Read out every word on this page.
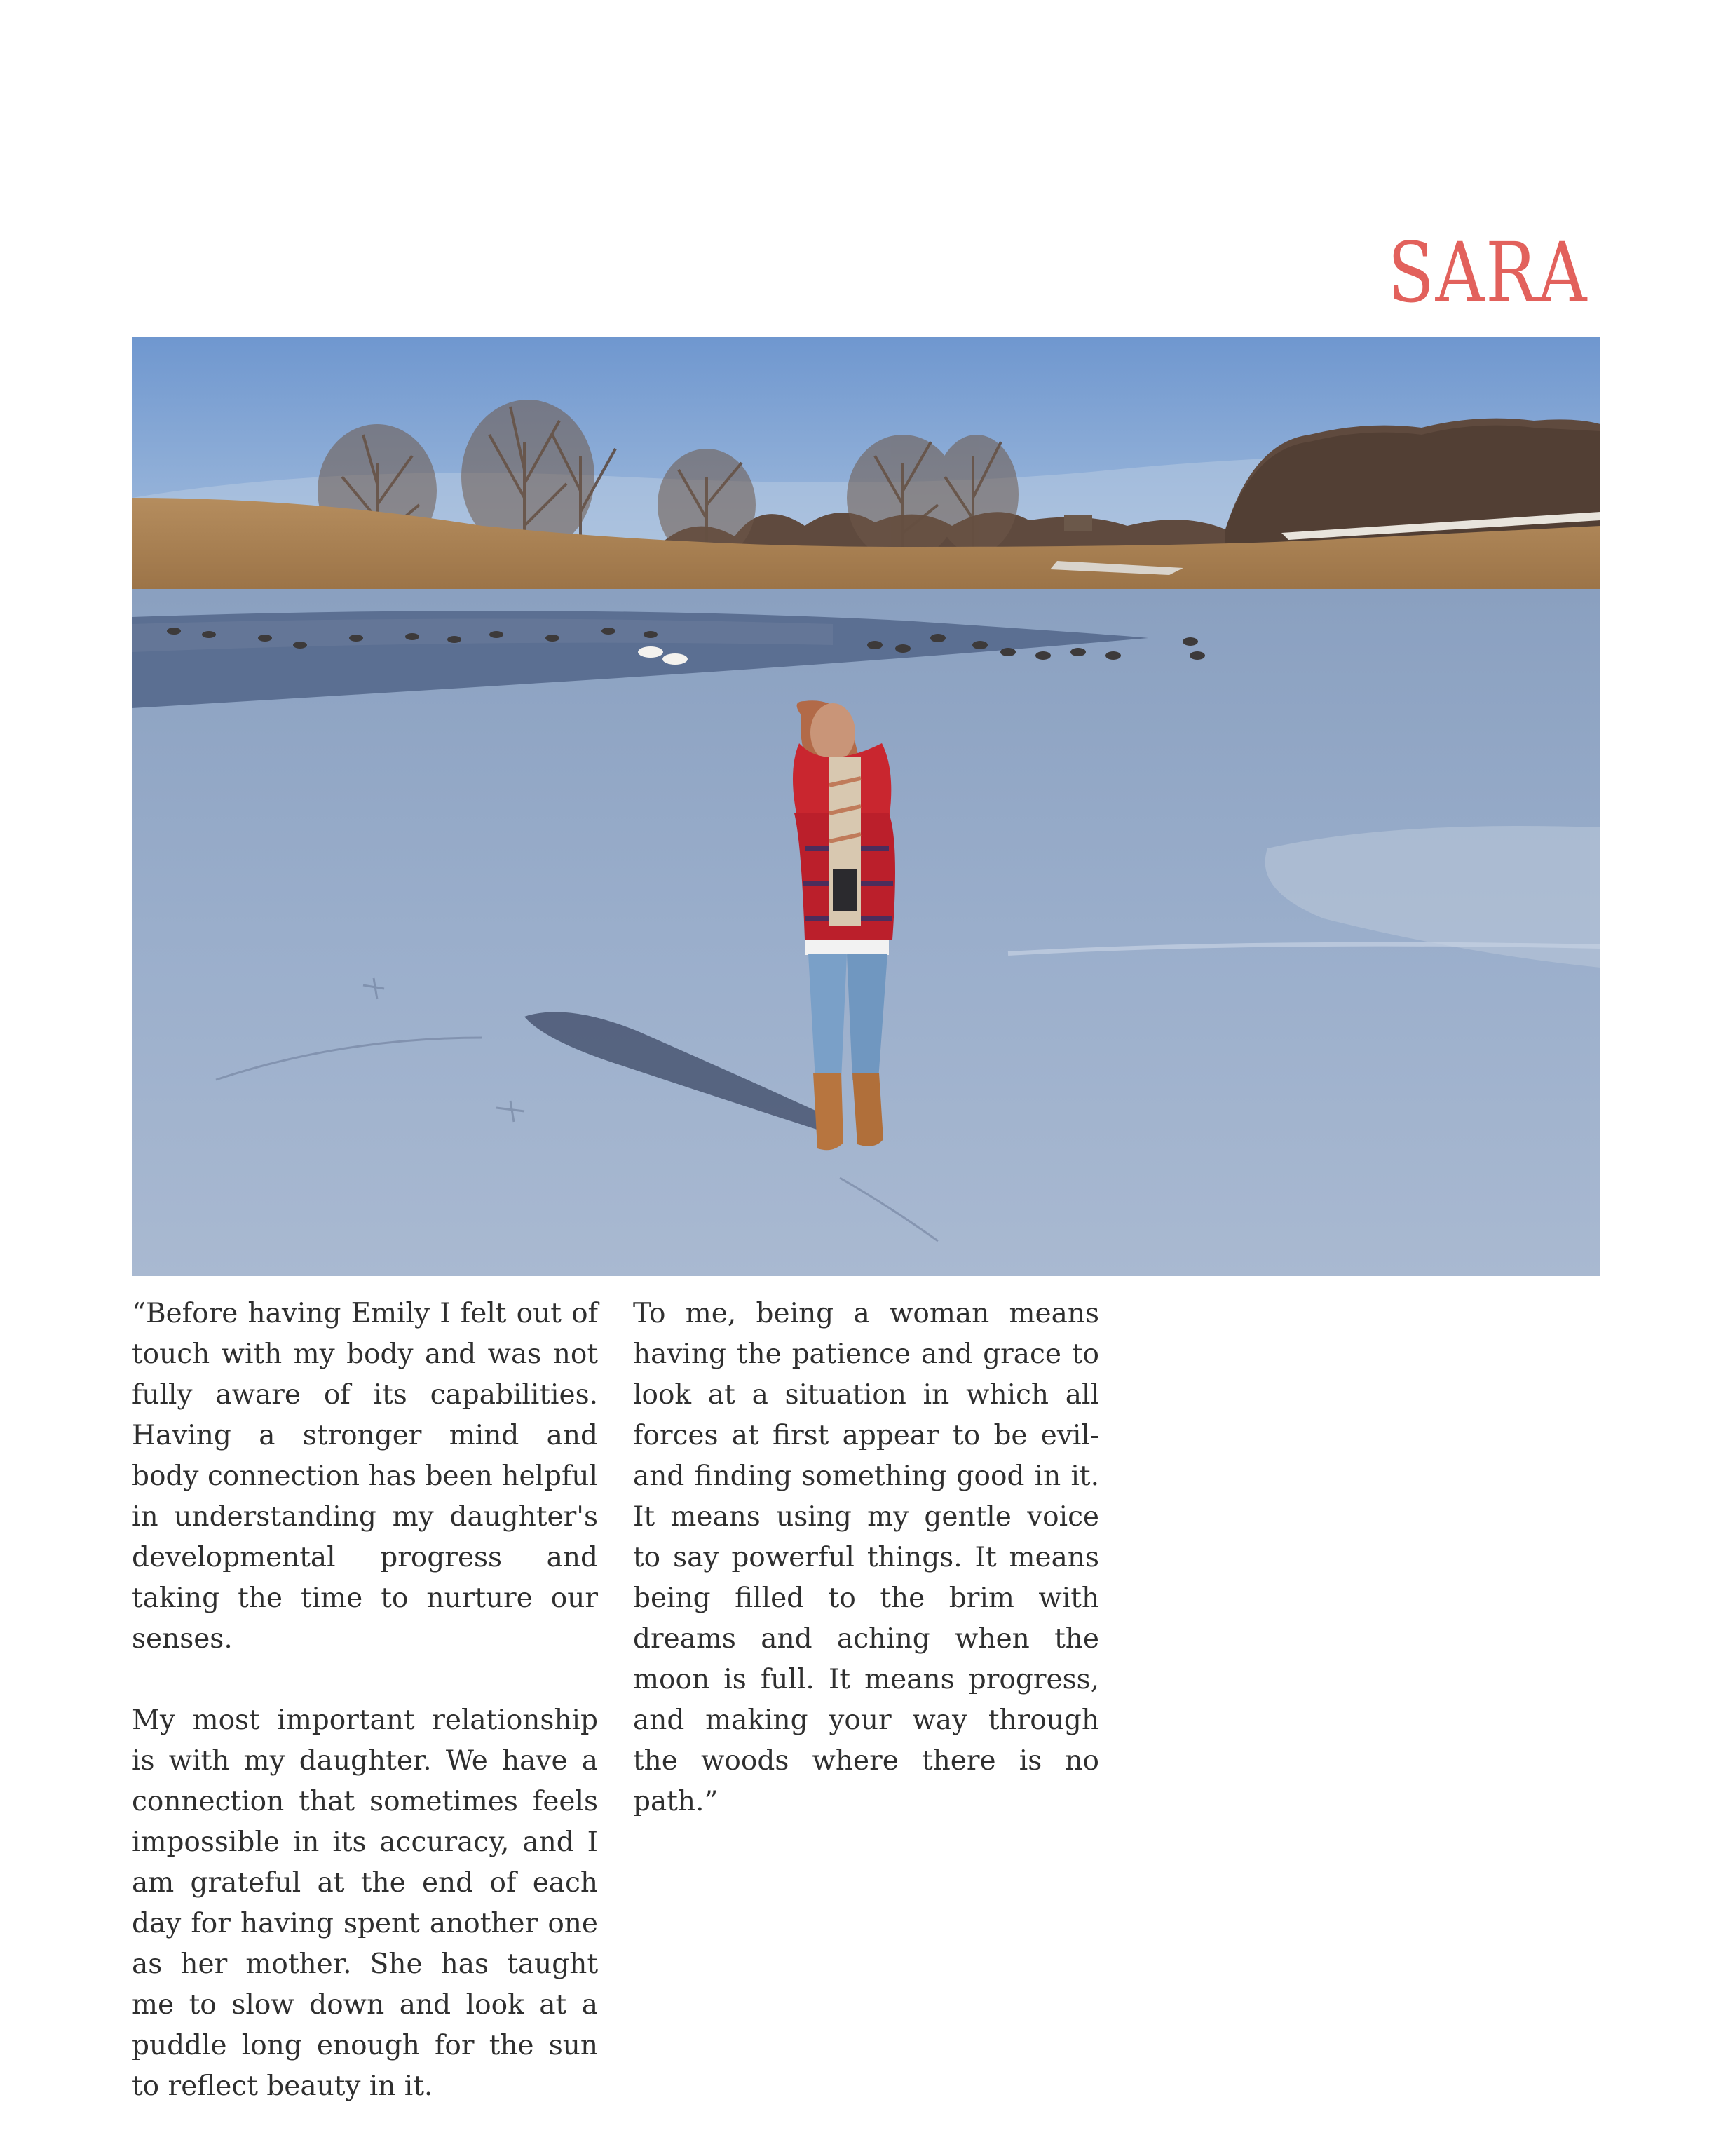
SARA

“Before having Emily I felt out of touch with my body and was not fully aware of its capabilities. Having a stronger mind and body connection has been helpful in understanding my daughter's developmental progress and taking the time to nurture our senses.

My most important relationship is with my daughter. We have a connection that sometimes feels impossible in its accuracy, and I am grateful at the end of each day for having spent another one as her mother. She has taught me to slow down and look at a puddle long enough for the sun to reflect beauty in it.

To me, being a woman means having the patience and grace to look at a situation in which all forces at first appear to be evil-and finding something good in it. It means using my gentle voice to say powerful things. It means being filled to the brim with dreams and aching when the moon is full. It means progress, and making your way through the woods where there is no path.”
